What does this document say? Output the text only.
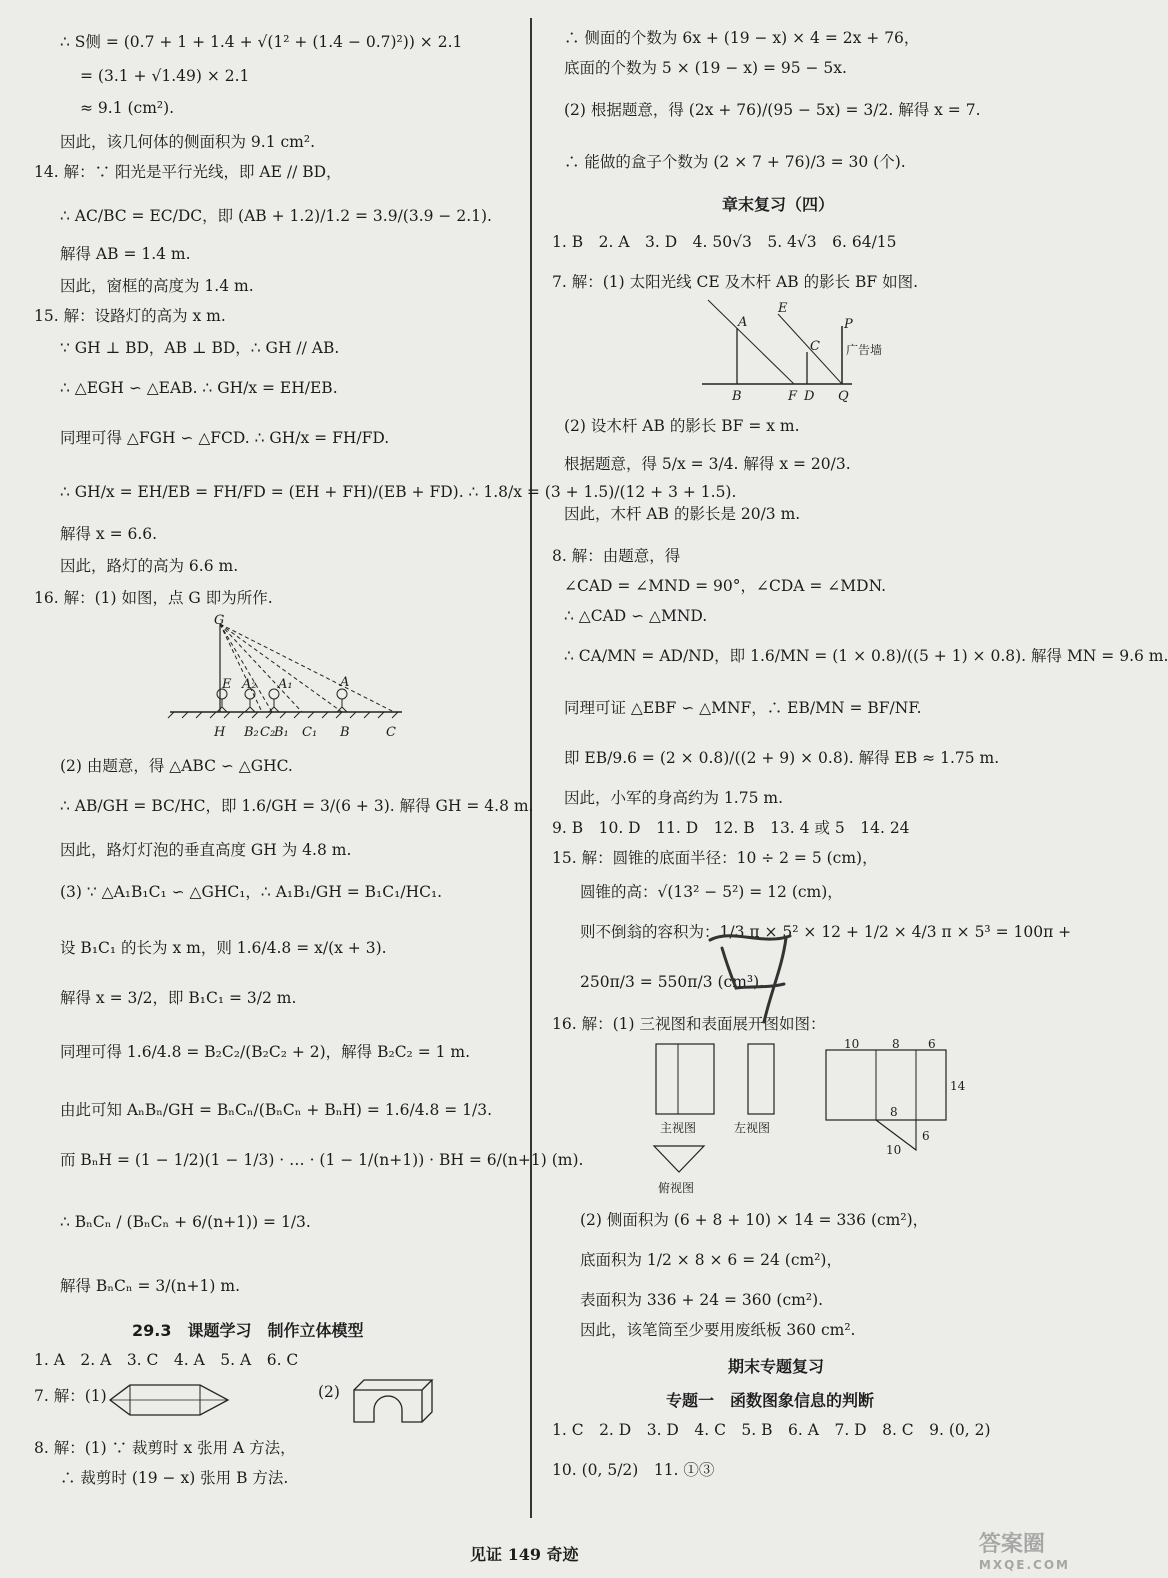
∴ S侧 = (0.7 + 1 + 1.4 + √(1² + (1.4 − 0.7)²)) × 2.1
= (3.1 + √1.49) × 2.1
≈ 9.1 (cm²).
因此，该几何体的侧面积为 9.1 cm².
14. 解：∵ 阳光是平行光线，即 AE // BD，
∴ AC/BC = EC/DC，即 (AB + 1.2)/1.2 = 3.9/(3.9 − 2.1).
解得 AB = 1.4 m.
因此，窗框的高度为 1.4 m.
15. 解：设路灯的高为 x m.
∵ GH ⊥ BD，AB ⊥ BD，∴ GH // AB.
∴ △EGH ∽ △EAB. ∴ GH/x = EH/EB.
同理可得 △FGH ∽ △FCD. ∴ GH/x = FH/FD.
∴ GH/x = EH/EB = FH/FD = (EH + FH)/(EB + FD). ∴ 1.8/x = (3 + 1.5)/(12 + 3 + 1.5).
解得 x = 6.6.
因此，路灯的高为 6.6 m.
16. 解：(1) 如图，点 G 即为所作.
G
E A₂ A₁	A
H B₂ C₂
B₁ C₁ B	C
(2) 由题意，得 △ABC ∽ △GHC.
∴ AB/GH = BC/HC，即 1.6/GH = 3/(6 + 3). 解得 GH = 4.8 m.
因此，路灯灯泡的垂直高度 GH 为 4.8 m.
(3) ∵ △A₁B₁C₁ ∽ △GHC₁，∴ A₁B₁/GH = B₁C₁/HC₁.
设 B₁C₁ 的长为 x m，则 1.6/4.8 = x/(x + 3).
解得 x = 3/2，即 B₁C₁ = 3/2 m.
同理可得 1.6/4.8 = B₂C₂/(B₂C₂ + 2)，解得 B₂C₂ = 1 m.
由此可知 AₙBₙ/GH = BₙCₙ/(BₙCₙ + BₙH) = 1.6/4.8 = 1/3.
而 BₙH = (1 − 1/2)(1 − 1/3) · … · (1 − 1/(n+1)) · BH = 6/(n+1) (m).
∴ BₙCₙ / (BₙCₙ + 6/(n+1)) = 1/3.
解得 BₙCₙ = 3/(n+1) m.
29.3　课题学习　制作立体模型
1. A　2. A　3. C　4. A　5. A　6. C
7. 解：(1)	(2)
8. 解：(1) ∵ 裁剪时 x 张用 A 方法，
∴ 裁剪时 (19 − x) 张用 B 方法.
∴ 侧面的个数为 6x + (19 − x) × 4 = 2x + 76，
底面的个数为 5 × (19 − x) = 95 − 5x.
(2) 根据题意，得 (2x + 76)/(95 − 5x) = 3/2. 解得 x = 7.
∴ 能做的盒子个数为 (2 × 7 + 76)/3 = 30 (个).
章末复习（四）
1. B　2. A　3. D　4. 50√3　5. 4√3　6. 64/15
7. 解：(1) 太阳光线 CE 及木杆 AB 的影长 BF 如图.
E
A	P
C 广告墙
B	F D Q
(2) 设木杆 AB 的影长 BF = x m.
根据题意，得 5/x = 3/4. 解得 x = 20/3.
因此，木杆 AB 的影长是 20/3 m.
8. 解：由题意，得
∠CAD = ∠MND = 90°，∠CDA = ∠MDN.
∴ △CAD ∽ △MND.
∴ CA/MN = AD/ND，即 1.6/MN = (1 × 0.8)/((5 + 1) × 0.8). 解得 MN = 9.6 m.
同理可证 △EBF ∽ △MNF，∴ EB/MN = BF/NF.
即 EB/9.6 = (2 × 0.8)/((2 + 9) × 0.8). 解得 EB ≈ 1.75 m.
因此，小军的身高约为 1.75 m.
9. B　10. D　11. D　12. B　13. 4 或 5　14. 24
15. 解：圆锥的底面半径：10 ÷ 2 = 5 (cm)，
圆锥的高：√(13² − 5²) = 12 (cm)，
则不倒翁的容积为：1/3 π × 5² × 12 + 1/2 × 4/3 π × 5³ = 100π +
250π/3 = 550π/3 (cm³).
16. 解：(1) 三视图和表面展开图如图：
主视图	左视图
俯视图
10	8 6
14
8
6
10
(2) 侧面积为 (6 + 8 + 10) × 14 = 336 (cm²)，
底面积为 1/2 × 8 × 6 = 24 (cm²)，
表面积为 336 + 24 = 360 (cm²).
因此，该笔筒至少要用废纸板 360 cm².
期末专题复习
专题一　函数图象信息的判断
1. C　2. D　3. D　4. C　5. B　6. A　7. D　8. C　9. (0, 2)
10. (0, 5/2)　11. ①③
见证 149 奇迹	答案圈
MXQE.COM
